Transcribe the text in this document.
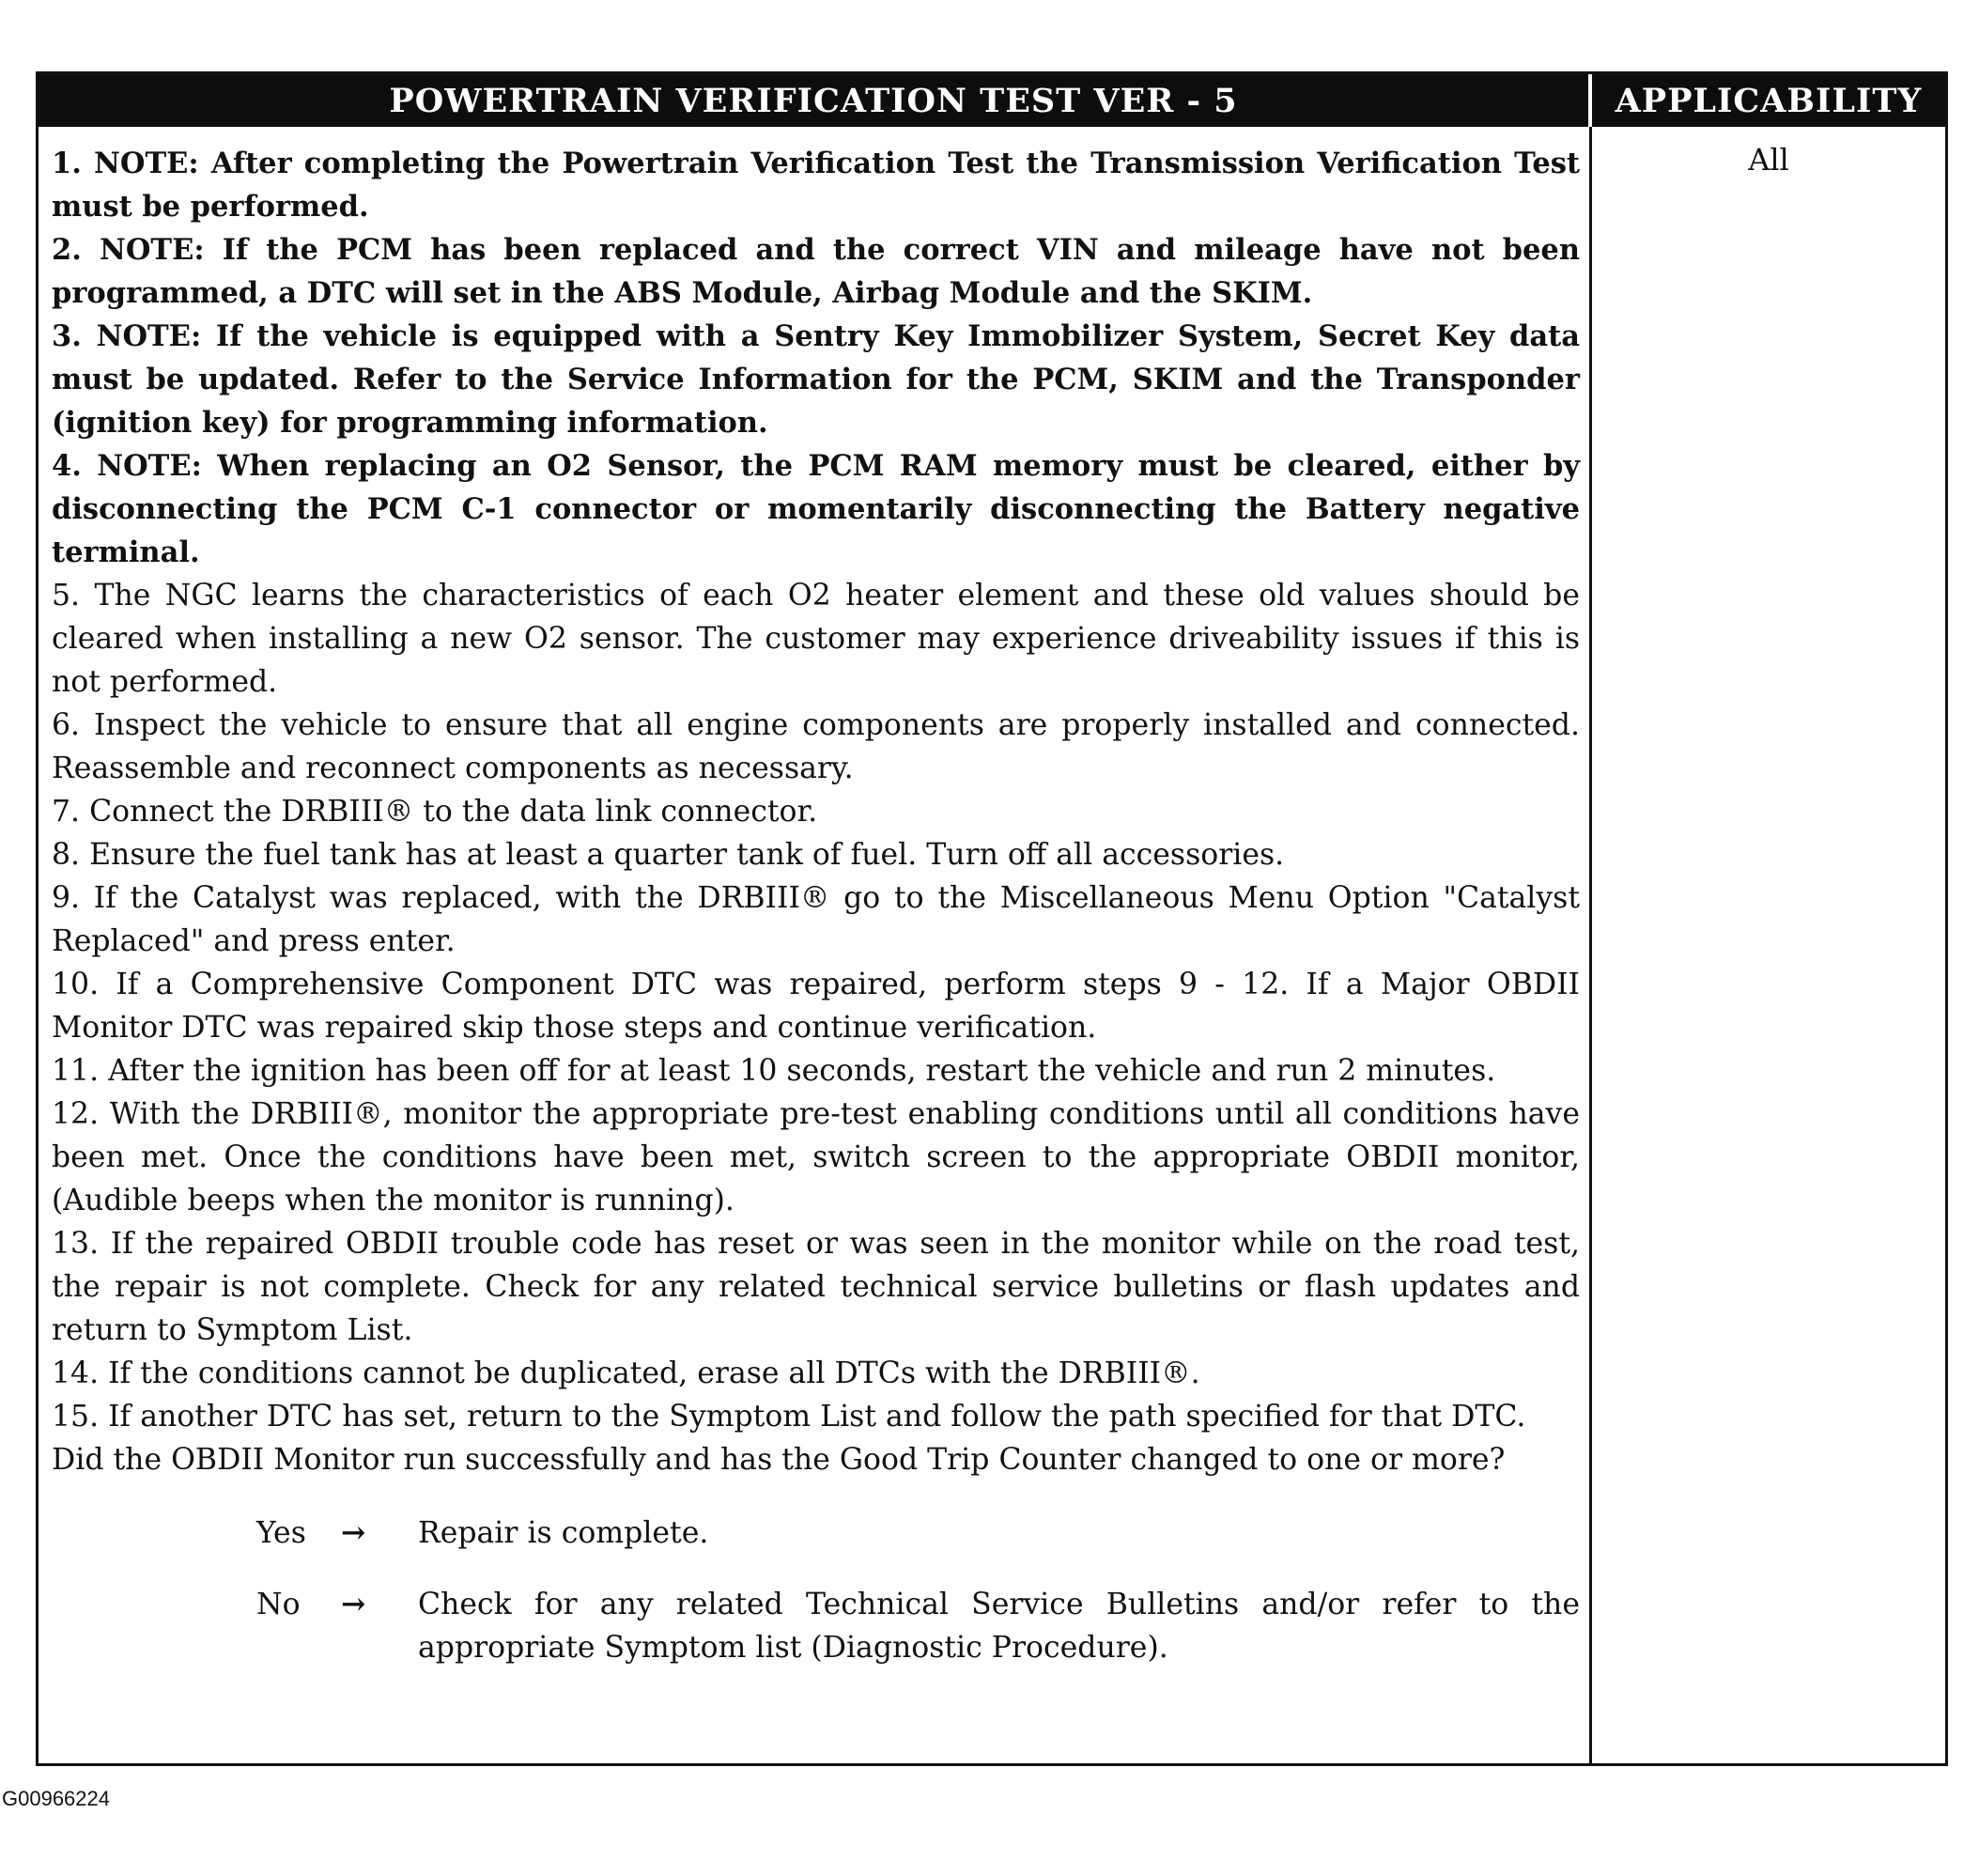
POWERTRAIN VERIFICATION TEST VER - 5	APPLICABILITY

1. NOTE: After completing the Powertrain Verification Test the Transmission Verification Test must be performed.

2. NOTE: If the PCM has been replaced and the correct VIN and mileage have not been programmed, a DTC will set in the ABS Module, Airbag Module and the SKIM.

3. NOTE: If the vehicle is equipped with a Sentry Key Immobilizer System, Secret Key data must be updated. Refer to the Service Information for the PCM, SKIM and the Transponder (ignition key) for programming information.

4. NOTE: When replacing an O2 Sensor, the PCM RAM memory must be cleared, either by disconnecting the PCM C-1 connector or momentarily disconnecting the Battery negative terminal.

5. The NGC learns the characteristics of each O2 heater element and these old values should be cleared when installing a new O2 sensor. The customer may experience driveability issues if this is not performed.

6. Inspect the vehicle to ensure that all engine components are properly installed and connected. Reassemble and reconnect components as necessary.

7. Connect the DRBIII® to the data link connector.

8. Ensure the fuel tank has at least a quarter tank of fuel. Turn off all accessories.

9. If the Catalyst was replaced, with the DRBIII® go to the Miscellaneous Menu Option "Catalyst Replaced" and press enter.

10. If a Comprehensive Component DTC was repaired, perform steps 9 - 12. If a Major OBDII Monitor DTC was repaired skip those steps and continue verification.

11. After the ignition has been off for at least 10 seconds, restart the vehicle and run 2 minutes.

12. With the DRBIII®, monitor the appropriate pre-test enabling conditions until all conditions have been met. Once the conditions have been met, switch screen to the appropriate OBDII monitor, (Audible beeps when the monitor is running).

13. If the repaired OBDII trouble code has reset or was seen in the monitor while on the road test, the repair is not complete. Check for any related technical service bulletins or flash updates and return to Symptom List.

14. If the conditions cannot be duplicated, erase all DTCs with the DRBIII®.

15. If another DTC has set, return to the Symptom List and follow the path specified for that DTC.

Did the OBDII Monitor run successfully and has the Good Trip Counter changed to one or more?

Yes	→	Repair is complete.
No	→	Check for any related Technical Service Bulletins and/or refer to the appropriate Symptom list (Diagnostic Procedure).
All
G00966224
